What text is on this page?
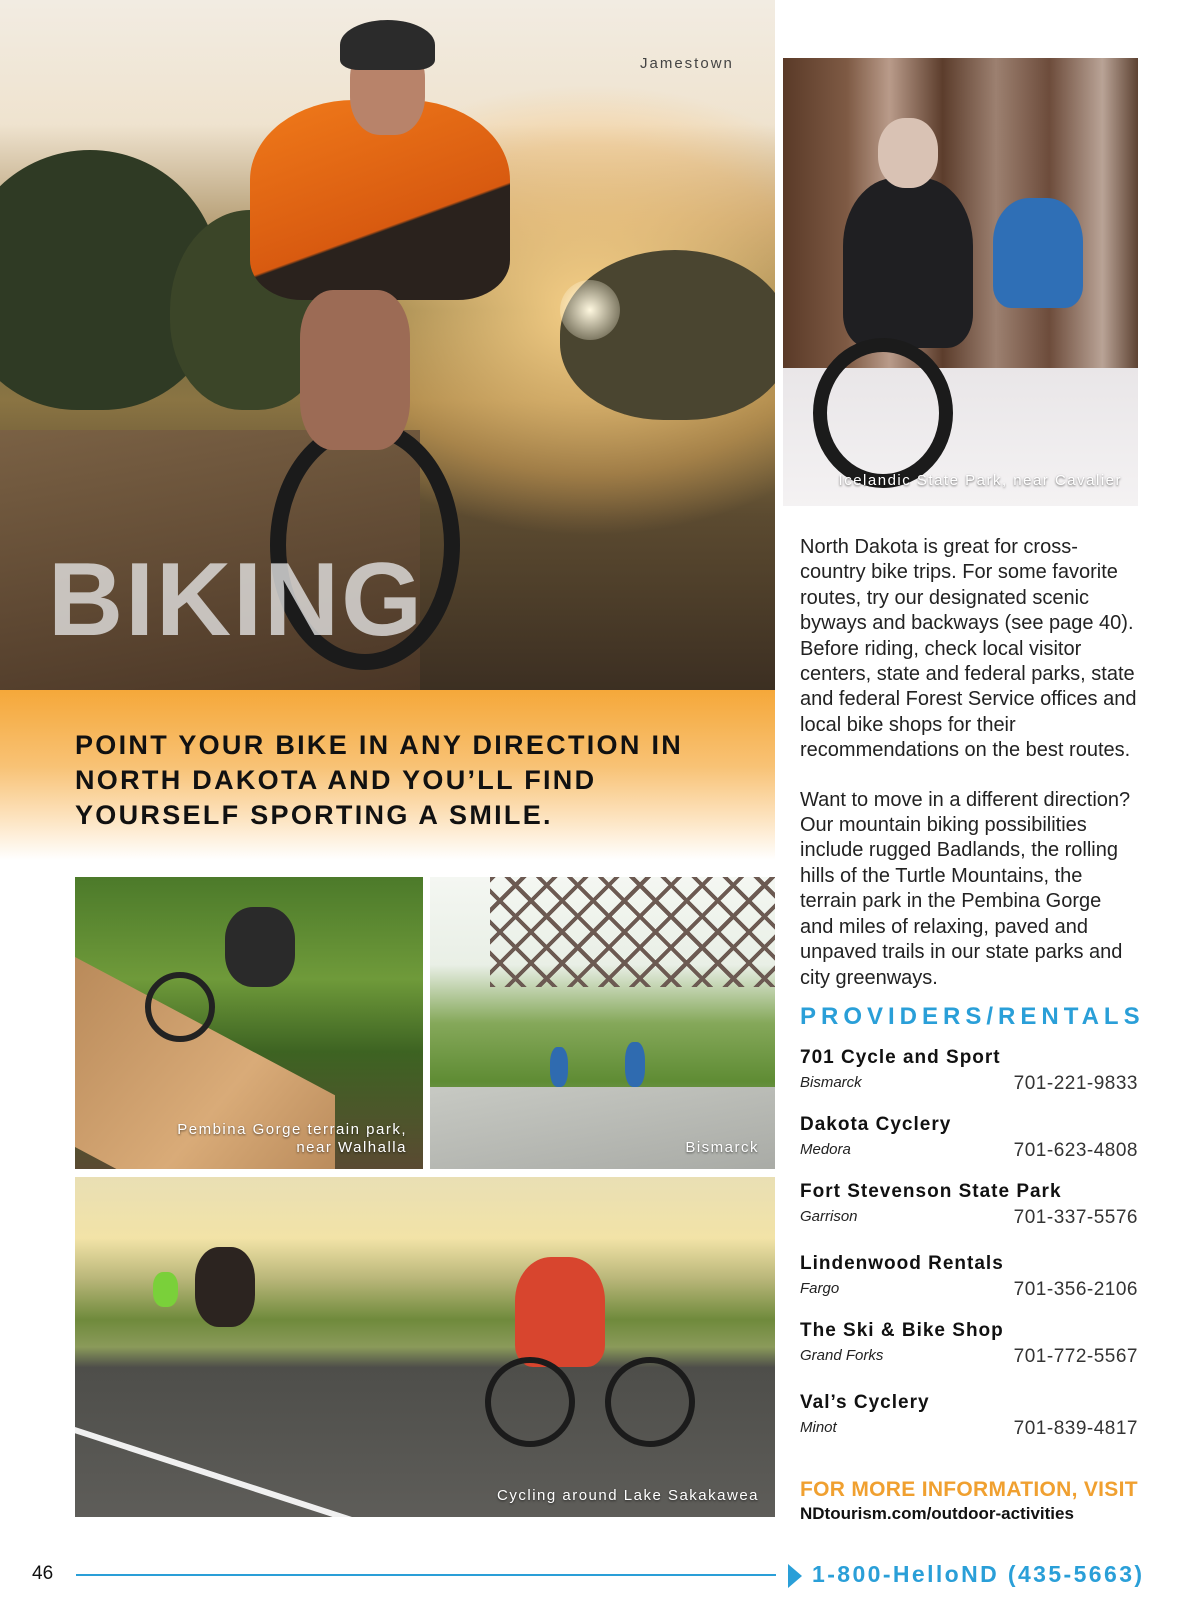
Jamestown
BIKING
POINT YOUR BIKE IN ANY DIRECTION IN NORTH DAKOTA AND YOU’LL FIND YOURSELF SPORTING A SMILE.
Icelandic State Park, near Cavalier
Pembina Gorge terrain park,
near Walhalla	Bismarck
Cycling around Lake Sakakawea

North Dakota is great for cross-country bike trips. For some favorite routes, try our designated scenic byways and backways (see page 40). Before riding, check local visitor centers, state and federal parks, state and federal Forest Service offices and local bike shops for their recommendations on the best routes.

Want to move in a different direction? Our mountain biking possibilities include rugged Badlands, the rolling hills of the Turtle Mountains, the terrain park in the Pembina Gorge and miles of relaxing, paved and unpaved trails in our state parks and city greenways.

PROVIDERS/RENTALS
701 Cycle and Sport
Bismarck	701-221-9833
Dakota Cyclery
Medora	701-623-4808
Fort Stevenson State Park
Garrison	701-337-5576
Lindenwood Rentals
Fargo	701-356-2106
The Ski & Bike Shop
Grand Forks	701-772-5567
Val’s Cyclery
Minot	701-839-4817
FOR MORE INFORMATION, VISIT
NDtourism.com/outdoor-activities
46	1-800-HelloND (435-5663)
